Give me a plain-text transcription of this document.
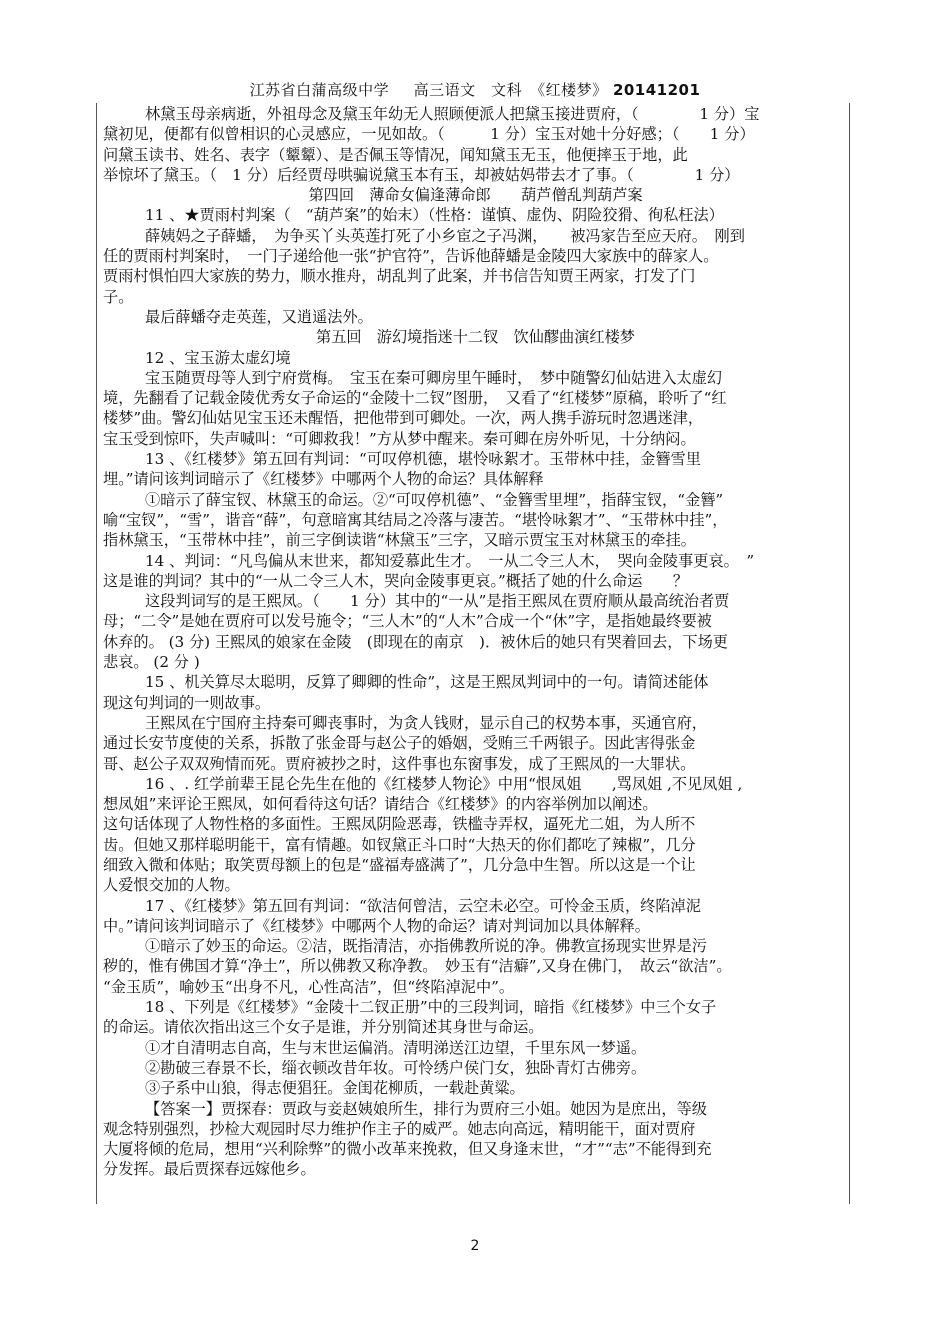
江苏省白蒲高级中学 高三语文　文科　《红楼梦》 20141201
林黛玉母亲病逝，外祖母念及黛玉年幼无人照顾便派人把黛玉接进贾府，（　　　　1 分）宝
黛初见，便都有似曾相识的心灵感应，一见如故。（　　　1 分）宝玉对她十分好感；（　　1 分）
问黛玉读书、姓名、表字（颦颦）、是否佩玉等情况，闻知黛玉无玉，他便摔玉于地，此
举惊坏了黛玉。（　1 分）后经贾母哄骗说黛玉本有玉，却被姑妈带去才了事。（　　　　1 分）
第四回　薄命女偏逢薄命郎　　葫芦僧乱判葫芦案
11 、★贾雨村判案（　“葫芦案”的始末）（性格：谨慎、虚伪、阴险狡猾、徇私枉法）
薛姨妈之子薛蟠，　为争买丫头英莲打死了小乡宦之子冯渊，　　被冯家告至应天府。　刚到
任的贾雨村判案时，　一门子递给他一张“护官符”，告诉他薛蟠是金陵四大家族中的薛家人。
贾雨村惧怕四大家族的势力，顺水推舟，胡乱判了此案，并书信告知贾王两家，打发了门
子。
最后薛蟠夺走英莲，又逍遥法外。
第五回　游幻境指迷十二钗　饮仙醪曲演红楼梦
12 、宝玉游太虚幻境
宝玉随贾母等人到宁府赏梅。　宝玉在秦可卿房里午睡时，　梦中随警幻仙姑进入太虚幻
境，先翻看了记载金陵优秀女子命运的“金陵十二钗”图册，　又看了“红楼梦”原稿，聆听了“红
楼梦”曲。警幻仙姑见宝玉还未醒悟，把他带到可卿处。一次，两人携手游玩时忽遇迷津，
宝玉受到惊吓，失声喊叫：“可卿救我！”方从梦中醒来。秦可卿在房外听见，十分纳闷。
13 、《红楼梦》第五回有判词：“可叹停机德，堪怜咏絮才。玉带林中挂，金簪雪里
埋。”请问该判词暗示了《红楼梦》中哪两个人物的命运？具体解释
①暗示了薛宝钗、林黛玉的命运。②“可叹停机德”、“金簪雪里埋”，指薛宝钗，“金簪”
喻“宝钗”，“雪”，谐音“薛”，句意暗寓其结局之冷落与凄苦。“堪怜咏絮才”、“玉带林中挂”，
指林黛玉，“玉带林中挂”，前三字倒读谐“林黛玉”三字，又暗示贾宝玉对林黛玉的牵挂。
14 、判词：“凡鸟偏从末世来，都知爱慕此生才。　一从二令三人木，　哭向金陵事更哀。　”
这是谁的判词？其中的“一从二令三人木，哭向金陵事更哀。”概括了她的什么命运　　？
这段判词写的是王熙凤。（　　1 分）其中的“一从”是指王熙凤在贾府顺从最高统治者贾
母；“二令”是她在贾府可以发号施令；“三人木”的“人木”合成一个“休”字，是指她最终要被
休弃的。 (3 分) 王熙凤的娘家在金陵　(即现在的南京　)．被休后的她只有哭着回去，下场更
悲哀。 (2 分 )
15 、机关算尽太聪明，反算了卿卿的性命”，这是王熙凤判词中的一句。请简述能体
现这句判词的一则故事。
王熙凤在宁国府主持秦可卿丧事时，为贪人钱财，显示自己的权势本事，买通官府，
通过长安节度使的关系，拆散了张金哥与赵公子的婚姻，受贿三千两银子。因此害得张金
哥、赵公子双双殉情而死。贾府被抄之时，这件事也东窗事发，成了王熙凤的一大罪状。
16 、. 红学前辈王昆仑先生在他的《红楼梦人物论》中用“恨凤姐　　,骂凤姐 ,不见凤姐 ,
想凤姐”来评论王熙凤，如何看待这句话？请结合《红楼梦》的内容举例加以阐述。
这句话体现了人物性格的多面性。王熙凤阴险恶毒，铁槛寺弄权，逼死尤二姐，为人所不
齿。但她又那样聪明能干，富有情趣。如钗黛正斗口时“大热天的你们都吃了辣椒”，几分
细致入微和体贴；取笑贾母额上的包是“盛福寿盛满了”，几分急中生智。所以这是一个让
人爱恨交加的人物。
17 、《红楼梦》第五回有判词：“欲洁何曾洁，云空未必空。可怜金玉质，终陷淖泥
中。”请问该判词暗示了《红楼梦》中哪两个人物的命运？请对判词加以具体解释。
①暗示了妙玉的命运。②洁，既指清洁，亦指佛教所说的净。佛教宣扬现实世界是污
秽的，惟有佛国才算“净土”，所以佛教又称净教。　妙玉有“洁癖”,又身在佛门，　故云“欲洁”。
“金玉质”，喻妙玉“出身不凡，心性高洁”，但“终陷淖泥中”。
18 、下列是《红楼梦》“金陵十二钗正册”中的三段判词，暗指《红楼梦》中三个女子
的命运。请依次指出这三个女子是谁，并分别简述其身世与命运。
①才自清明志自高，生与末世运偏消。清明涕送江边望，千里东风一梦遥。
②勘破三春景不长，缁衣顿改昔年妆。可怜绣户侯门女，独卧青灯古佛旁。
③子系中山狼，得志便猖狂。金闺花柳质，一载赴黄粱。
【答案一】贾探春：贾政与妾赵姨娘所生，排行为贾府三小姐。她因为是庶出，等级
观念特别强烈，抄检大观园时尽力维护作主子的威严。她志向高远，精明能干，面对贾府
大厦将倾的危局，想用“兴利除弊”的微小改革来挽救，但又身逢末世，“才”“志”不能得到充
分发挥。最后贾探春远嫁他乡。
2
